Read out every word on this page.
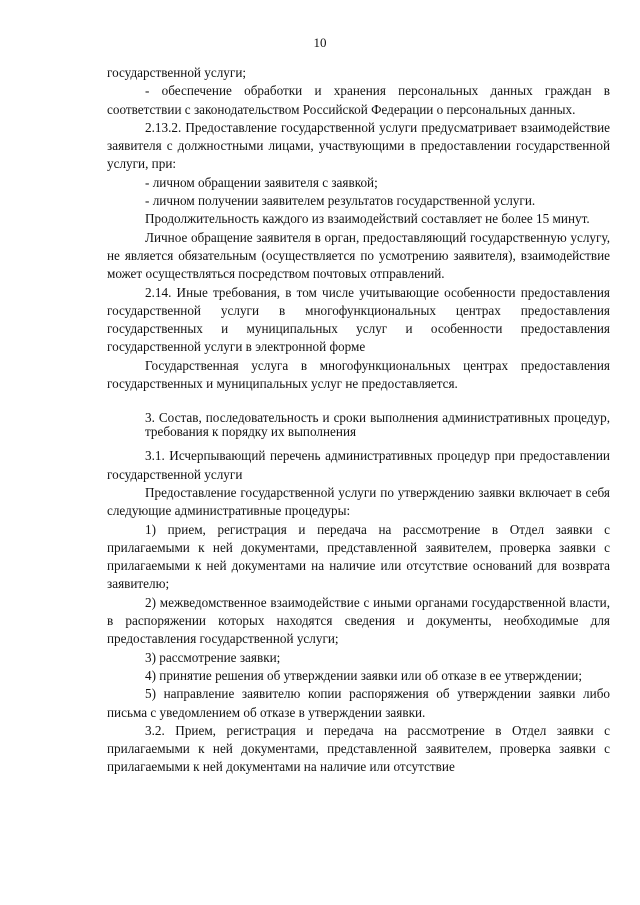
10

государственной услуги;

- обеспечение обработки и хранения персональных данных граждан в соответствии с законодательством Российской Федерации о персональных данных.

2.13.2. Предоставление государственной услуги предусматривает взаимодействие заявителя с должностными лицами, участвующими в предоставлении государственной услуги, при:

- личном обращении заявителя с заявкой;

- личном получении заявителем результатов государственной услуги.

Продолжительность каждого из взаимодействий составляет не более 15 минут.

Личное обращение заявителя в орган, предоставляющий государственную услугу, не является обязательным (осуществляется по усмотрению заявителя), взаимодействие может осуществляться посредством почтовых отправлений.

2.14. Иные требования, в том числе учитывающие особенности предоставления государственной услуги в многофункциональных центрах предоставления государственных и муниципальных услуг и особенности предоставления государственной услуги в электронной форме

Государственная услуга в многофункциональных центрах предоставления государственных и муниципальных услуг не предоставляется.

3. Состав, последовательность и сроки выполнения административных процедур, требования к порядку их выполнения

3.1. Исчерпывающий перечень административных процедур при предоставлении государственной услуги

Предоставление государственной услуги по утверждению заявки включает в себя следующие административные процедуры:

1) прием, регистрация и передача на рассмотрение в Отдел заявки с прилагаемыми к ней документами, представленной заявителем, проверка заявки с прилагаемыми к ней документами на наличие или отсутствие оснований для возврата заявителю;

2) межведомственное взаимодействие с иными органами государственной власти, в распоряжении которых находятся сведения и документы, необходимые для предоставления государственной услуги;

3) рассмотрение заявки;

4) принятие решения об утверждении заявки или об отказе в ее утверждении;

5) направление заявителю копии распоряжения об утверждении заявки либо письма с уведомлением об отказе в утверждении заявки.

3.2. Прием, регистрация и передача на рассмотрение в Отдел заявки с прилагаемыми к ней документами, представленной заявителем, проверка заявки с прилагаемыми к ней документами на наличие или отсутствие
